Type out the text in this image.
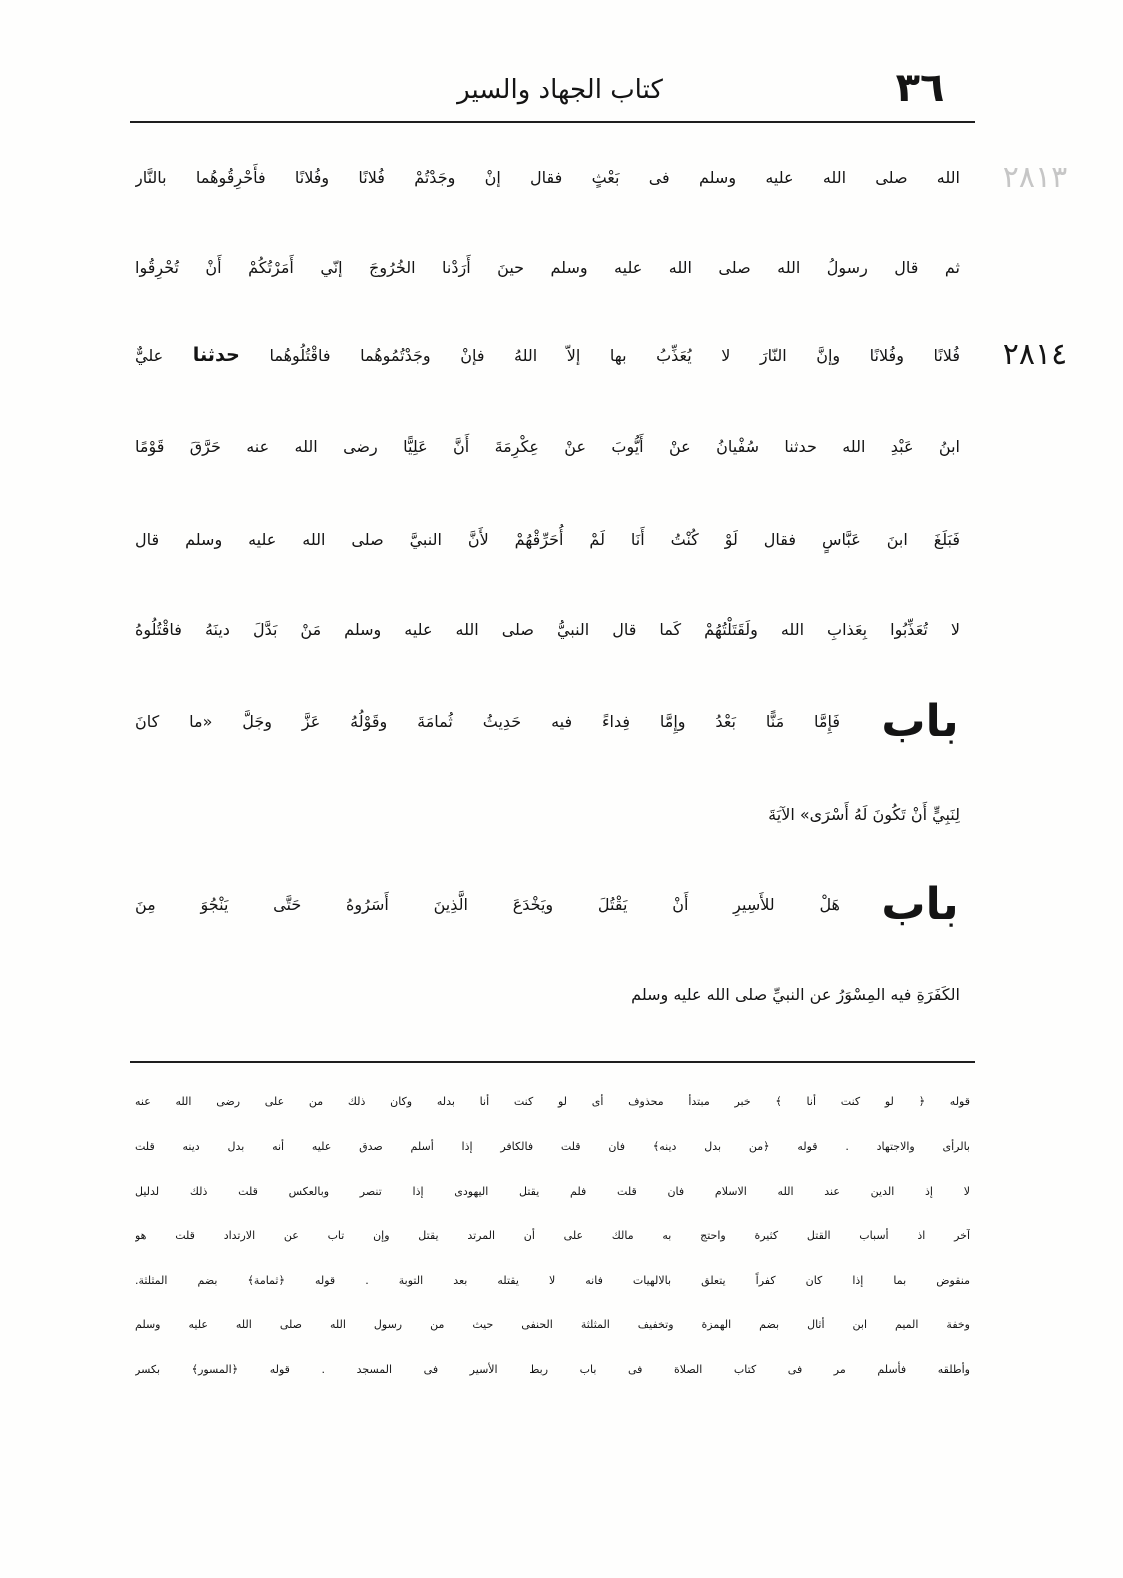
٣٦
كتاب الجهاد والسير
٢٨١٣
٢٨١٤
الله صلى الله عليه وسلم فى بَعْثٍ فقال إنْ وجَدْتُمْ فُلانًا وفُلانًا فأَحْرِقُوهُما بالنَّار
ثم قال رسولُ الله صلى الله عليه وسلم حينَ أَرَدْنا الخُرُوجَ إنّي أَمَرْتُكُمْ أَنْ تُحْرِقُوا
فُلانًا وفُلانًا وإنَّ النّارَ لا يُعَذِّبُ بها إلاّ اللهُ فإنْ وجَدْتُمُوهُما فاقْتُلُوهُما حدثنا عليٌّ
ابنُ عَبْدِ الله حدثنا سُفْيانُ عنْ أَيُّوبَ عنْ عِكْرِمَةَ أَنَّ عَلِيًّا رضى الله عنه حَرَّقَ قَوْمًا
فَبَلَغَ ابنَ عَبَّاسٍ فقال لَوْ كُنْتُ أَنَا لَمْ أُحَرِّقْهُمْ لأَنَّ النبيَّ صلى الله عليه وسلم قال
لا تُعَذِّبُوا بِعَذابِ الله ولَقَتَلْتُهُمْ كَما قال النبيُّ صلى الله عليه وسلم مَنْ بَدَّلَ دينَهُ فاقْتُلُوهُ
باب
فَإِمَّا مَنًّا بَعْدُ وإِمَّا فِداءً فيه حَدِيثُ ثُمامَةَ وقَوْلُهُ عَزَّ وجَلَّ «ما كانَ
لِنَبِيٍّ أَنْ تَكُونَ لَهُ أَسْرَى» الآيَةَ
باب
هَلْ للأَسِيرِ أَنْ يَقْتُلَ ويَخْدَعَ الَّذِينَ أَسَرُوهُ حَتَّى يَنْجُوَ مِنَ
الكَفَرَةِ فيه المِسْوَرُ عن النبيِّ صلى الله عليه وسلم
قوله ﴿ لو كنت أنا ﴾ خبر مبتدأ محذوف أى لو كنت أنا بدله وكان ذلك من على رضى الله عنه
بالرأى والاجتهاد . قوله ﴿من بدل دينه﴾ فان قلت فالكافر إذا أسلم صدق عليه أنه بدل دينه قلت
لا إذ الدين عند الله الاسلام فان قلت فلم يقتل اليهودى إذا تنصر وبالعكس قلت ذلك لدليل
آخر اذ أسباب القتل كثيرة واحتج به مالك على أن المرتد يقتل وإن تاب عن الارتداد قلت هو
منقوض بما إذا كان كفراً يتعلق بالالهيات فانه لا يقتله بعد التوبة . قوله ﴿ثمامة﴾ بضم المثلثة.
وخفة الميم ابن أثال بضم الهمزة وتخفيف المثلثة الحنفى حيث من رسول الله صلى الله عليه وسلم
وأطلقه فأسلم مر فى كتاب الصلاة فى باب ربط الأسير فى المسجد . قوله ﴿المسور﴾ بكسر
